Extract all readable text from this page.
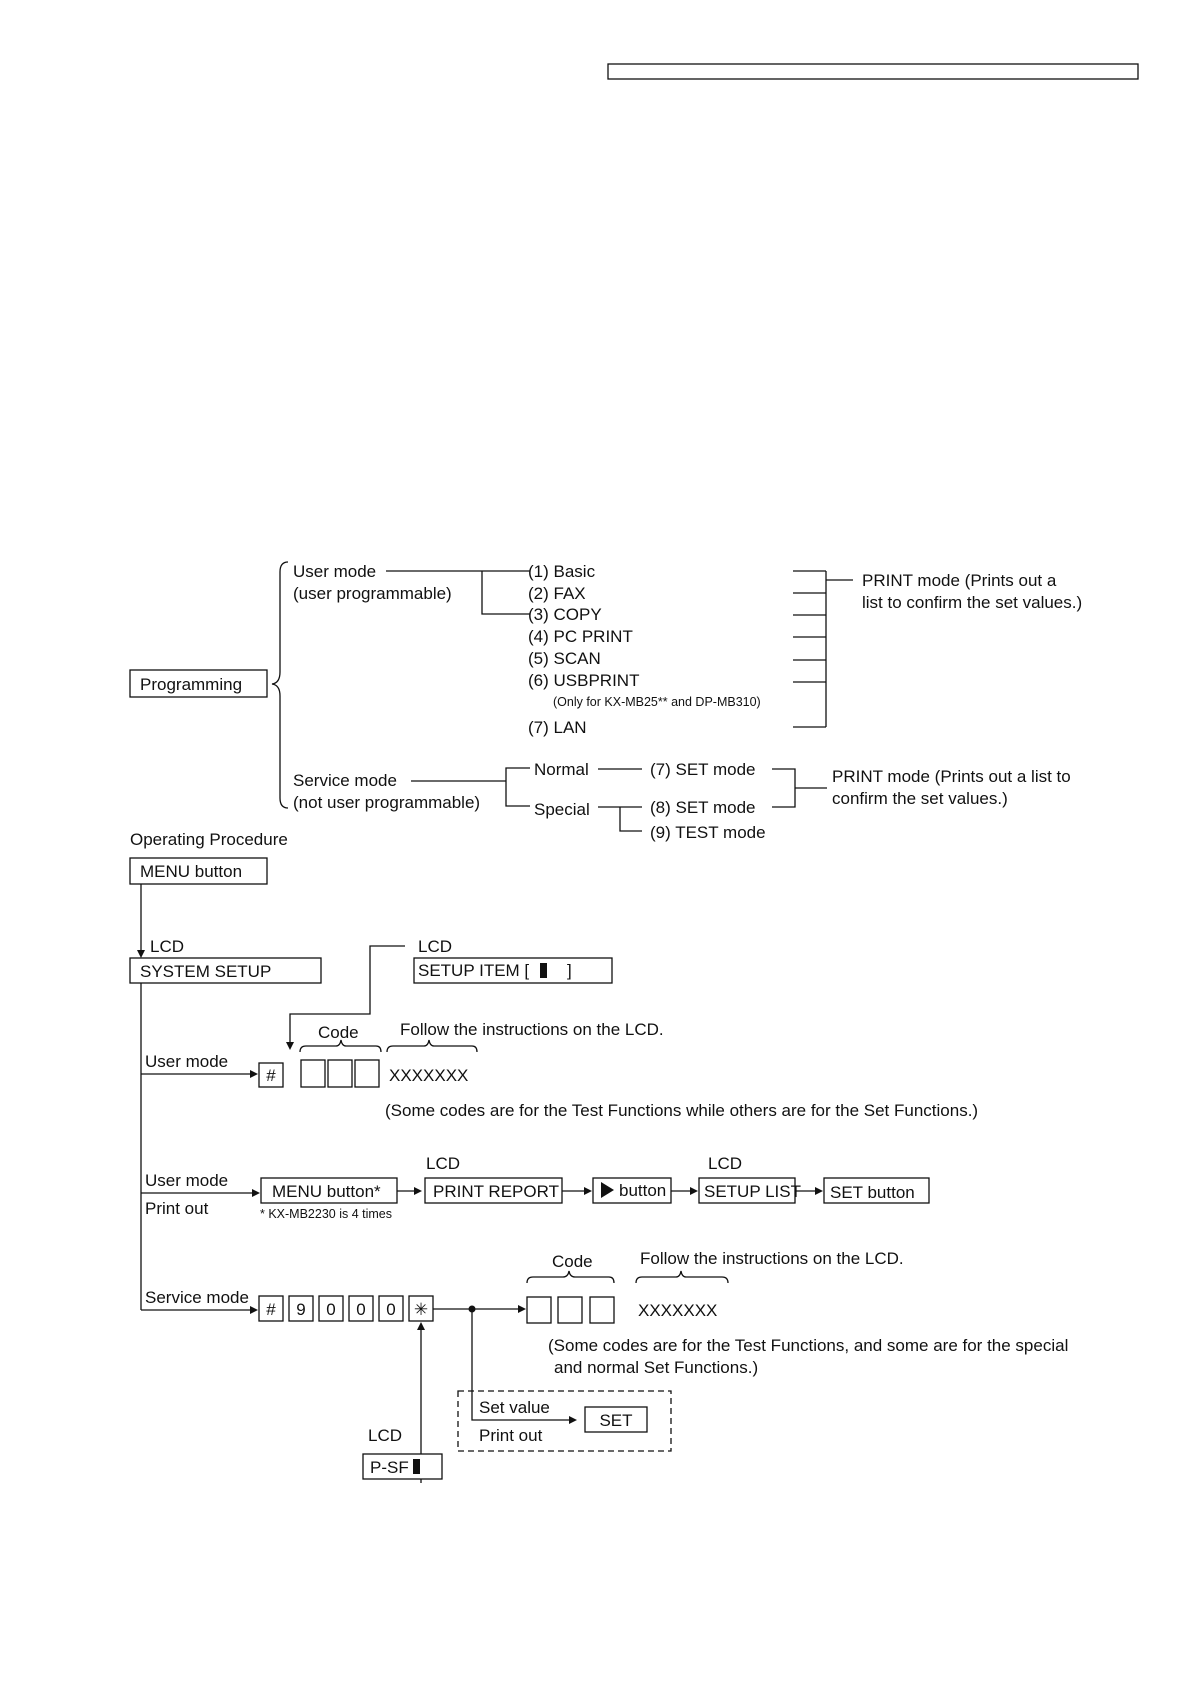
Programming
User mode
(user programmable)
(1) Basic
(2) FAX
(3) COPY
(4) PC PRINT
(5) SCAN
(6) USBPRINT
(Only for KX-MB25** and DP-MB310)
(7) LAN
PRINT mode (Prints out a
list to confirm the set values.)
Service mode
(not user programmable)
Normal
Special
(7) SET mode
(8) SET mode
(9) TEST mode
PRINT mode (Prints out a list to
confirm the set values.)
Operating Procedure
MENU button
LCD
SYSTEM SETUP
LCD
SETUP ITEM [ ]
User mode
#
Code Follow the instructions on the LCD.
XXXXXXX
(Some codes are for the Test Functions while others are for the Set Functions.)
User mode
Print out
MENU button*
* KX-MB2230 is 4 times
LCD
PRINT REPORT	button
LCD
SETUP LIST SET button
Service mode
# 9 0 0 0 ✳
Code	Follow the instructions on the LCD.
XXXXXXX
(Some codes are for the Test Functions, and some are for the special
and normal Set Functions.)
Set value
Print out
SET
LCD
P-SF
